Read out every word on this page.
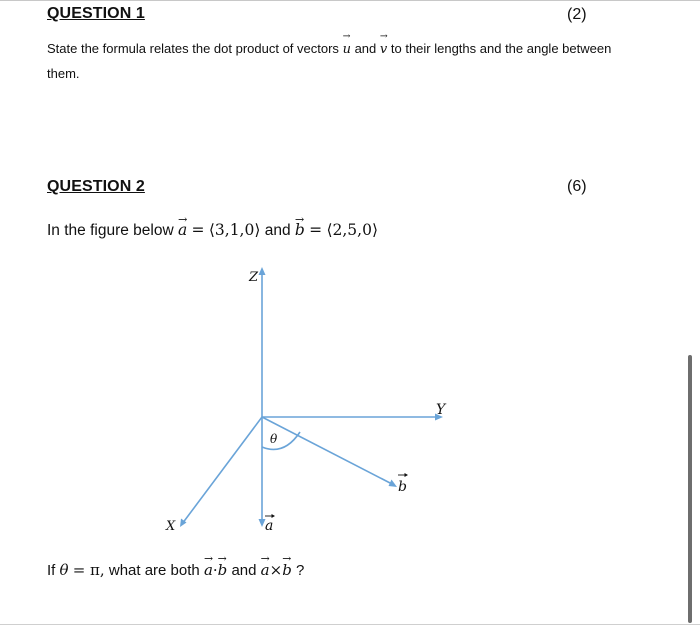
QUESTION 1	(2)
State the formula relates the dot product of vectors → u and → v to their lengths and the angle between
them.
QUESTION 2	(6)
In the figure below → a = ⟨3,1,0⟩ and → b = ⟨2,5,0⟩
Z
Y
X
θ
a
b
If θ = π, what are both → a·→ b and → a×→ b ?
